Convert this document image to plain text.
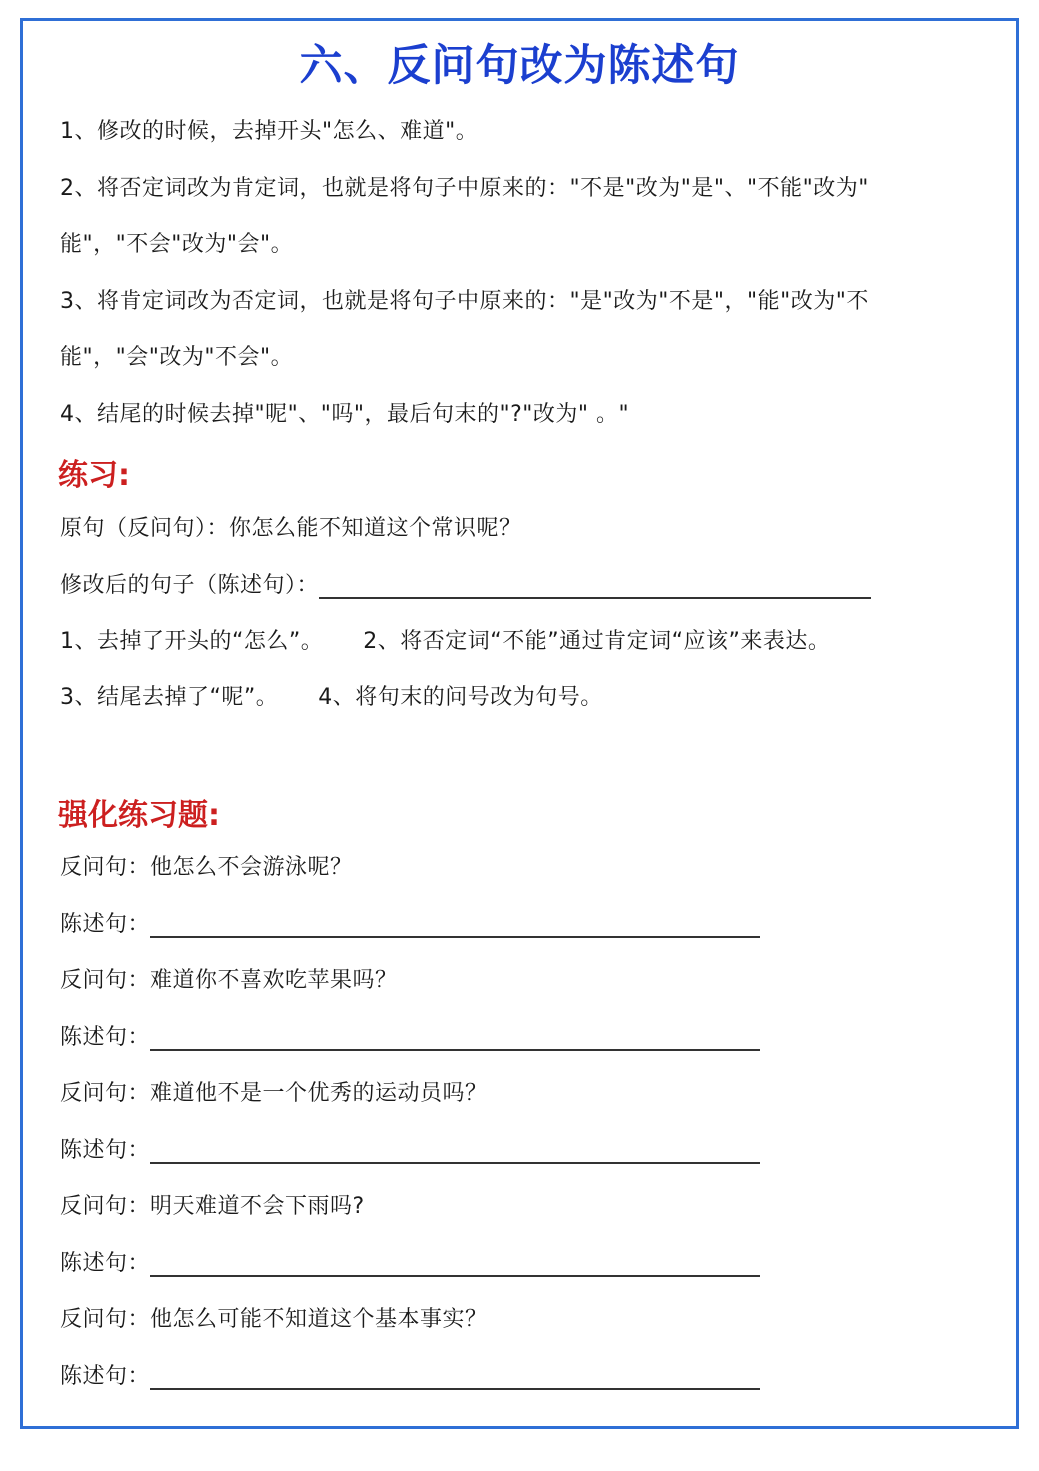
六、反问句改为陈述句
1、修改的时候，去掉开头"怎么、难道"。
2、将否定词改为肯定词，也就是将句子中原来的："不是"改为"是"、"不能"改为"
能"，"不会"改为"会"。
3、将肯定词改为否定词，也就是将句子中原来的："是"改为"不是"，"能"改为"不
能"，"会"改为"不会"。
4、结尾的时候去掉"呢"、"吗"，最后句末的"?"改为" 。"
练习:
原句（反问句）：你怎么能不知道这个常识呢？
修改后的句子（陈述句）：
1、去掉了开头的“怎么”。 2、将否定词“不能”通过肯定词“应该”来表达。
3、结尾去掉了“呢”。 4、将句末的问号改为句号。
强化练习题:
反问句：他怎么不会游泳呢？
陈述句：
反问句：难道你不喜欢吃苹果吗？
陈述句：
反问句：难道他不是一个优秀的运动员吗？
陈述句：
反问句：明天难道不会下雨吗?
陈述句：
反问句：他怎么可能不知道这个基本事实？
陈述句：
